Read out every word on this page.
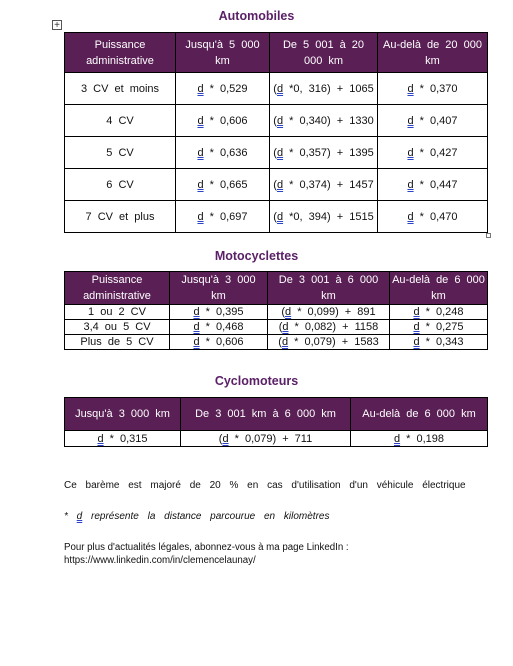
+
Automobiles
Puissance administrative	Jusqu'à 5 000 km	De 5 001 à 20 000 km	Au-delà de 20 000 km
3 CV et moins	d * 0,529	(d *0, 316) + 1065	d * 0,370
4 CV	d * 0,606	(d * 0,340) + 1330	d * 0,407
5 CV	d * 0,636	(d * 0,357) + 1395	d * 0,427
6 CV	d * 0,665	(d * 0,374) + 1457	d * 0,447
7 CV et plus	d * 0,697	(d *0, 394) + 1515	d * 0,470
Motocyclettes
Puissance administrative	Jusqu'à 3 000 km	De 3 001 à 6 000 km	Au-delà de 6 000 km
1 ou 2 CV	d * 0,395	(d * 0,099) + 891	d * 0,248
3,4 ou 5 CV	d * 0,468	(d * 0,082) + 1158	d * 0,275
Plus de 5 CV	d * 0,606	(d * 0,079) + 1583	d * 0,343
Cyclomoteurs
Jusqu'à 3 000 km	De 3 001 km à 6 000 km	Au-delà de 6 000 km
d * 0,315	(d * 0,079) + 711	d * 0,198
Ce barème est majoré de 20 % en cas d'utilisation d'un véhicule électrique
* d représente la distance parcourue en kilomètres
Pour plus d'actualités légales, abonnez-vous à ma page LinkedIn :
https://www.linkedin.com/in/clemencelaunay/
